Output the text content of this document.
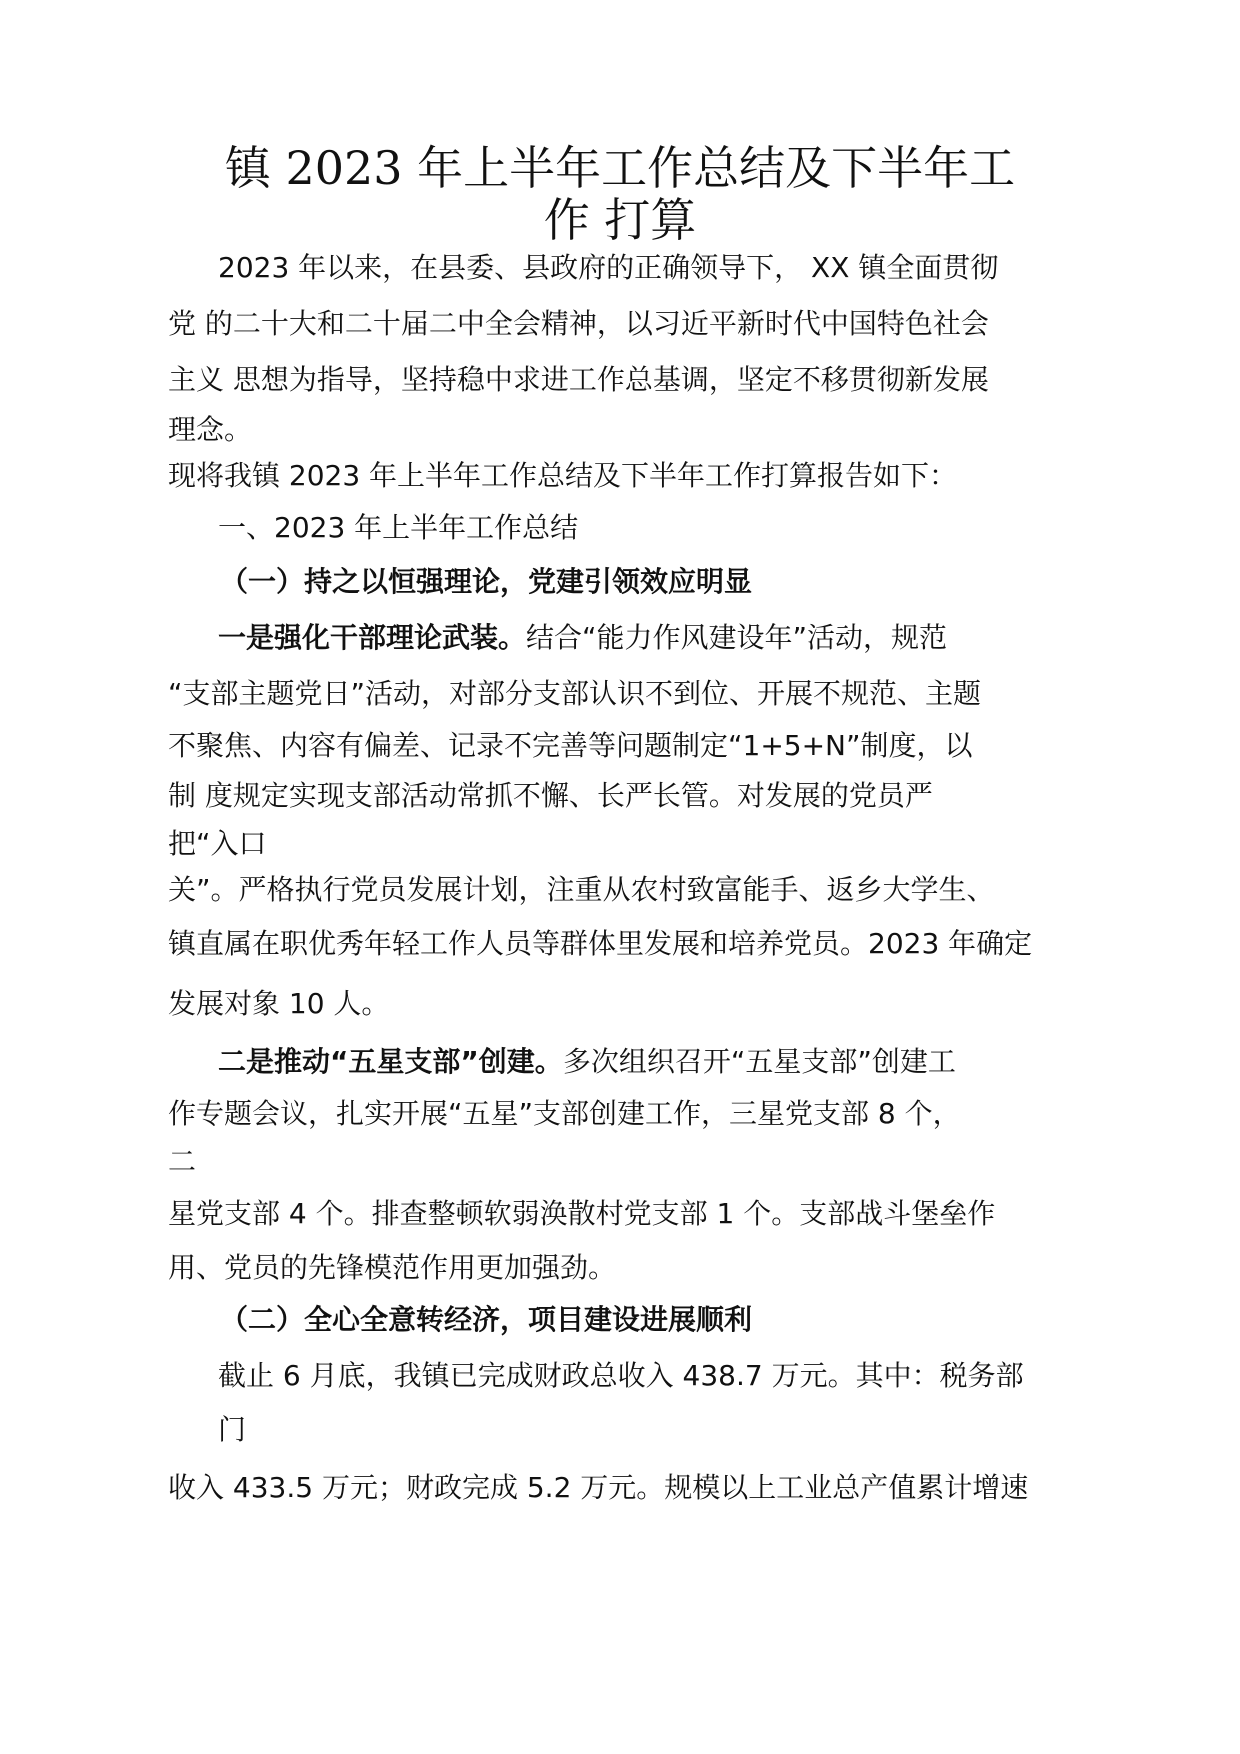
镇 2023 年上半年工作总结及下半年工
作 打算
2023 年以来，在县委、县政府的正确领导下， XX 镇全面贯彻
党 的二十大和二十届二中全会精神，以习近平新时代中国特色社会
主义 思想为指导，坚持稳中求进工作总基调，坚定不移贯彻新发展
理念。
现将我镇 2023 年上半年工作总结及下半年工作打算报告如下：
一、2023 年上半年工作总结
（一）持之以恒强理论，党建引领效应明显
一是强化干部理论武装。结合“能力作风建设年”活动，规范
“支部主题党日”活动，对部分支部认识不到位、开展不规范、主题
不聚焦、内容有偏差、记录不完善等问题制定“1+5+N”制度，以
制 度规定实现支部活动常抓不懈、长严长管。对发展的党员严
把“入口
关”。严格执行党员发展计划，注重从农村致富能手、返乡大学生、
镇直属在职优秀年轻工作人员等群体里发展和培养党员。2023 年确定
发展对象 10 人。
二是推动“五星支部”创建。多次组织召开“五星支部”创建工
作专题会议，扎实开展“五星”支部创建工作，三星党支部 8 个，
二
星党支部 4 个。排查整顿软弱涣散村党支部 1 个。支部战斗堡垒作
用、党员的先锋模范作用更加强劲。
（二）全心全意转经济，项目建设进展顺利
截止 6 月底，我镇已完成财政总收入 438.7 万元。其中：税务部
门
收入 433.5 万元；财政完成 5.2 万元。规模以上工业总产值累计增速
